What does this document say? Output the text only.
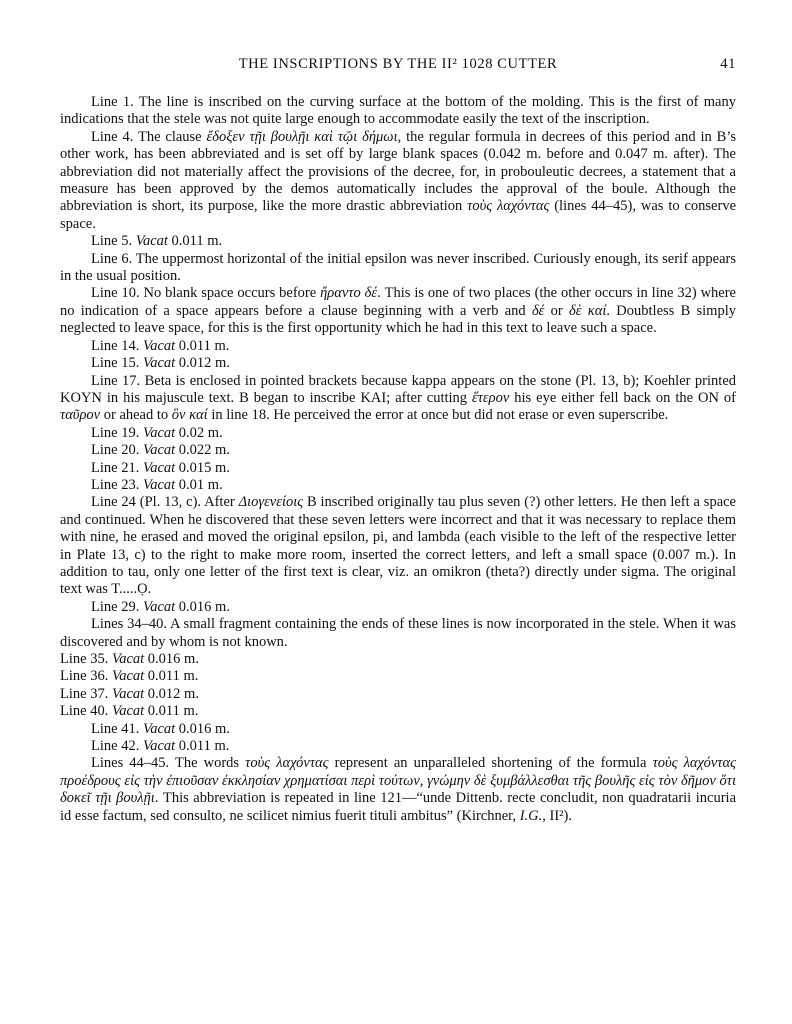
THE INSCRIPTIONS BY THE II² 1028 CUTTER	41

Line 1. The line is inscribed on the curving surface at the bottom of the molding. This is the first of many indications that the stele was not quite large enough to accommodate easily the text of the inscription.

Line 4. The clause ἔδοξεν τῇι βουλῇι καὶ τῷι δήμωι, the regular formula in decrees of this period and in B’s other work, has been abbreviated and is set off by large blank spaces (0.042 m. before and 0.047 m. after). The abbreviation did not materially affect the provisions of the decree, for, in probouleutic decrees, a statement that a measure has been approved by the demos automatically includes the approval of the boule. Although the abbreviation is short, its purpose, like the more drastic abbreviation τοὺς λαχόντας (lines 44–45), was to conserve space.

Line 5. Vacat 0.011 m.

Line 6. The uppermost horizontal of the initial epsilon was never inscribed. Curiously enough, its serif appears in the usual position.

Line 10. No blank space occurs before ἤραντο δέ. This is one of two places (the other occurs in line 32) where no indication of a space appears before a clause beginning with a verb and δέ or δὲ καί. Doubtless B simply neglected to leave space, for this is the first opportunity which he had in this text to leave such a space.

Line 14. Vacat 0.011 m.

Line 15. Vacat 0.012 m.

Line 17. Beta is enclosed in pointed brackets because kappa appears on the stone (Pl. 13, b); Koehler printed KOYN in his majuscule text. B began to inscribe KAI; after cutting ἕτερον his eye either fell back on the ON of ταῦρον or ahead to ὃν καί in line 18. He perceived the error at once but did not erase or even superscribe.

Line 19. Vacat 0.02 m.

Line 20. Vacat 0.022 m.

Line 21. Vacat 0.015 m.

Line 23. Vacat 0.01 m.

Line 24 (Pl. 13, c). After Διογενείοις B inscribed originally tau plus seven (?) other letters. He then left a space and continued. When he discovered that these seven letters were incorrect and that it was necessary to replace them with nine, he erased and moved the original epsilon, pi, and lambda (each visible to the left of the respective letter in Plate 13, c) to the right to make more room, inserted the correct letters, and left a small space (0.007 m.). In addition to tau, only one letter of the first text is clear, viz. an omikron (theta?) directly under sigma. The original text was T.....Ọ.

Line 29. Vacat 0.016 m.

Lines 34–40. A small fragment containing the ends of these lines is now incorporated in the stele. When it was discovered and by whom is not known.

Line 35. Vacat 0.016 m.

Line 36. Vacat 0.011 m.

Line 37. Vacat 0.012 m.

Line 40. Vacat 0.011 m.

Line 41. Vacat 0.016 m.

Line 42. Vacat 0.011 m.

Lines 44–45. The words τοὺς λαχόντας represent an unparalleled shortening of the formula τοὺς λαχόντας προέδρους εἰς τὴν ἐπιοῦσαν ἐκκλησίαν χρηματίσαι περὶ τούτων, γνώμην δὲ ξυμβάλλεσθαι τῆς βουλῆς εἰς τὸν δῆμον ὅτι δοκεῖ τῇι βουλῇι. This abbreviation is repeated in line 121—“unde Dittenb. recte concludit, non quadratarii incuria id esse factum, sed consulto, ne scilicet nimius fuerit tituli ambitus” (Kirchner, I.G., II²).
